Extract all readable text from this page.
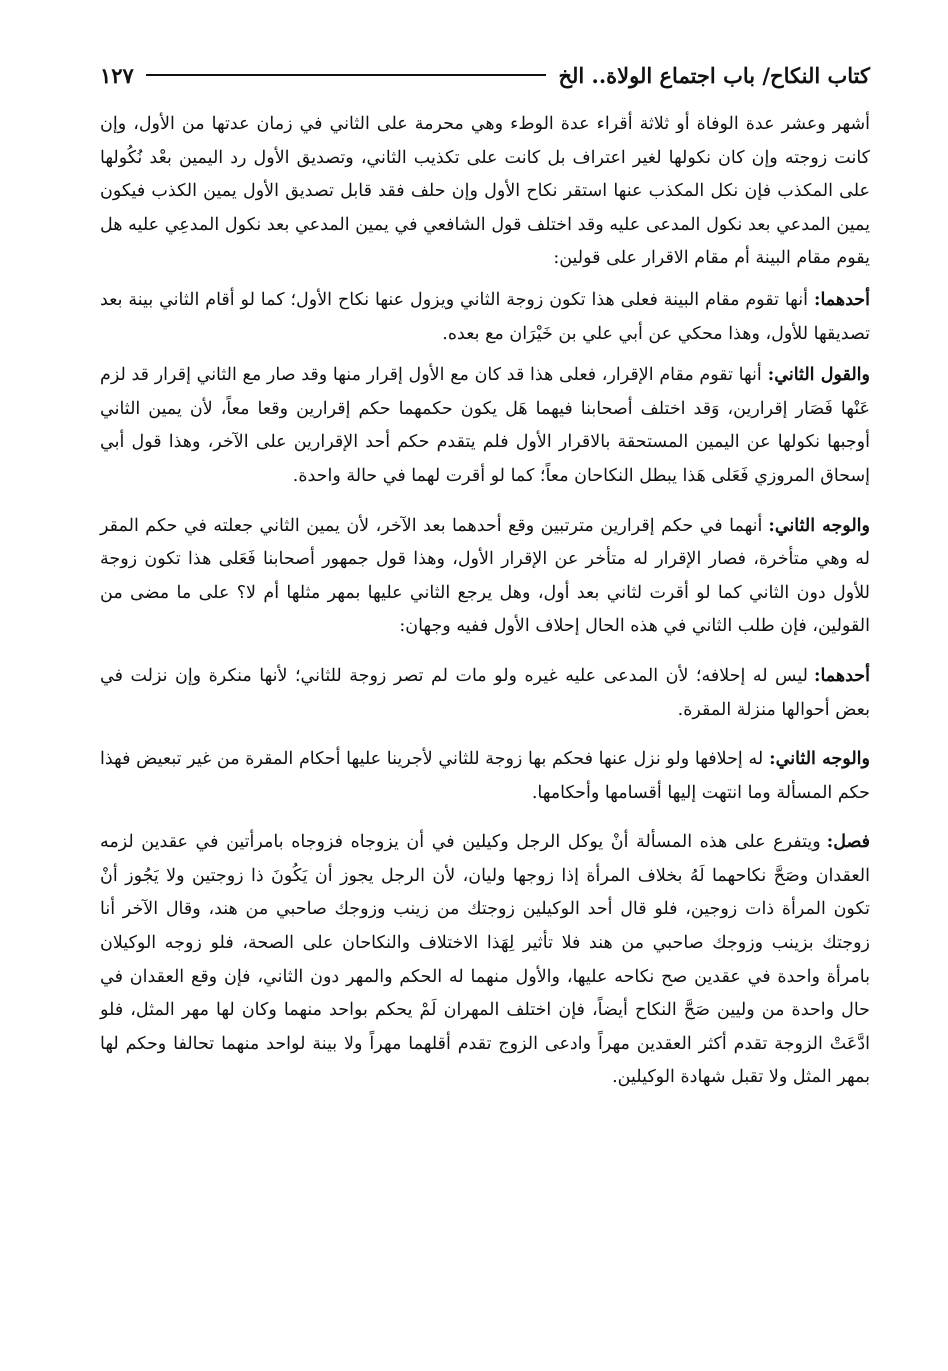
كتاب النكاح/ باب اجتماع الولاة.. الخ
١٢٧

أشهر وعشر عدة الوفاة أو ثلاثة أقراء عدة الوطء وهي محرمة على الثاني في زمان عدتها من الأول، وإن كانت زوجته وإن كان نكولها لغير اعتراف بل كانت على تكذيب الثاني، وتصديق الأول رد اليمين بعْد نُكُولها على المكذب فإن نكل المكذب عنها استقر نكاح الأول وإن حلف فقد قابل تصديق الأول يمين الكذب فيكون يمين المدعي بعد نكول المدعى عليه وقد اختلف قول الشافعي في يمين المدعي بعد نكول المدعِي عليه هل يقوم مقام البينة أم مقام الاقرار على قولين:

أحدهما:أنها تقوم مقام البينة فعلى هذا تكون زوجة الثاني ويزول عنها نكاح الأول؛ كما لو أقام الثاني بينة بعد تصديقها للأول، وهذا محكي عن أبي علي بن خَيْرَان مع بعده.

والقول الثاني:أنها تقوم مقام الإقرار، فعلى هذا قد كان مع الأول إقرار منها وقد صار مع الثاني إقرار قد لزم عَنْها فَصَار إقرارين، وَقد اختلف أصحابنا فيهما هَل يكون حكمهما حكم إقرارين وقعا معاً، لأن يمين الثاني أوجبها نكولها عن اليمين المستحقة بالاقرار الأول فلم يتقدم حكم أحد الإقرارين على الآخر، وهذا قول أبي إسحاق المروزي فَعَلى هَذا يبطل النكاحان معاً؛ كما لو أقرت لهما في حالة واحدة.

والوجه الثاني:أنهما في حكم إقرارين مترتبين وقع أحدهما بعد الآخر، لأن يمين الثاني جعلته في حكم المقر له وهي متأخرة، فصار الإقرار له متأخر عن الإقرار الأول، وهذا قول جمهور أصحابنا فَعَلى هذا تكون زوجة للأول دون الثاني كما لو أقرت لثاني بعد أول، وهل يرجع الثاني عليها بمهر مثلها أم لا؟ على ما مضى من القولين، فإن طلب الثاني في هذه الحال إحلاف الأول ففيه وجهان:

أحدهما:ليس له إحلافه؛ لأن المدعى عليه غيره ولو مات لم تصر زوجة للثاني؛ لأنها منكرة وإن نزلت في بعض أحوالها منزلة المقرة.

والوجه الثاني:له إحلافها ولو نزل عنها فحكم بها زوجة للثاني لأجرينا عليها أحكام المقرة من غير تبعيض فهذا حكم المسألة وما انتهت إليها أقسامها وأحكامها.

فصل:ويتفرع على هذه المسألة أنْ يوكل الرجل وكيلين في أن يزوجاه فزوجاه بامرأتين في عقدين لزمه العقدان وصَحَّ نكاحهما لَهُ بخلاف المرأة إذا زوجها وليان، لأن الرجل يجوز أن يَكُونَ ذا زوجتين ولا يَجُوز أنْ تكون المرأة ذات زوجين، فلو قال أحد الوكيلين زوجتك من زينب وزوجك صاحبي من هند، وقال الآخر أنا زوجتك بزينب وزوجك صاحبي من هند فلا تأثير لِهَذا الاختلاف والنكاحان على الصحة، فلو زوجه الوكيلان بامرأة واحدة في عقدين صح نكاحه عليها، والأول منهما له الحكم والمهر دون الثاني، فإن وقع العقدان في حال واحدة من وليين صَحَّ النكاح أيضاً، فإن اختلف المهران لَمْ يحكم بواحد منهما وكان لها مهر المثل، فلو ادَّعَتْ الزوجة تقدم أكثر العقدين مهراً وادعى الزوج تقدم أقلهما مهراً ولا بينة لواحد منهما تحالفا وحكم لها بمهر المثل ولا تقبل شهادة الوكيلين.
